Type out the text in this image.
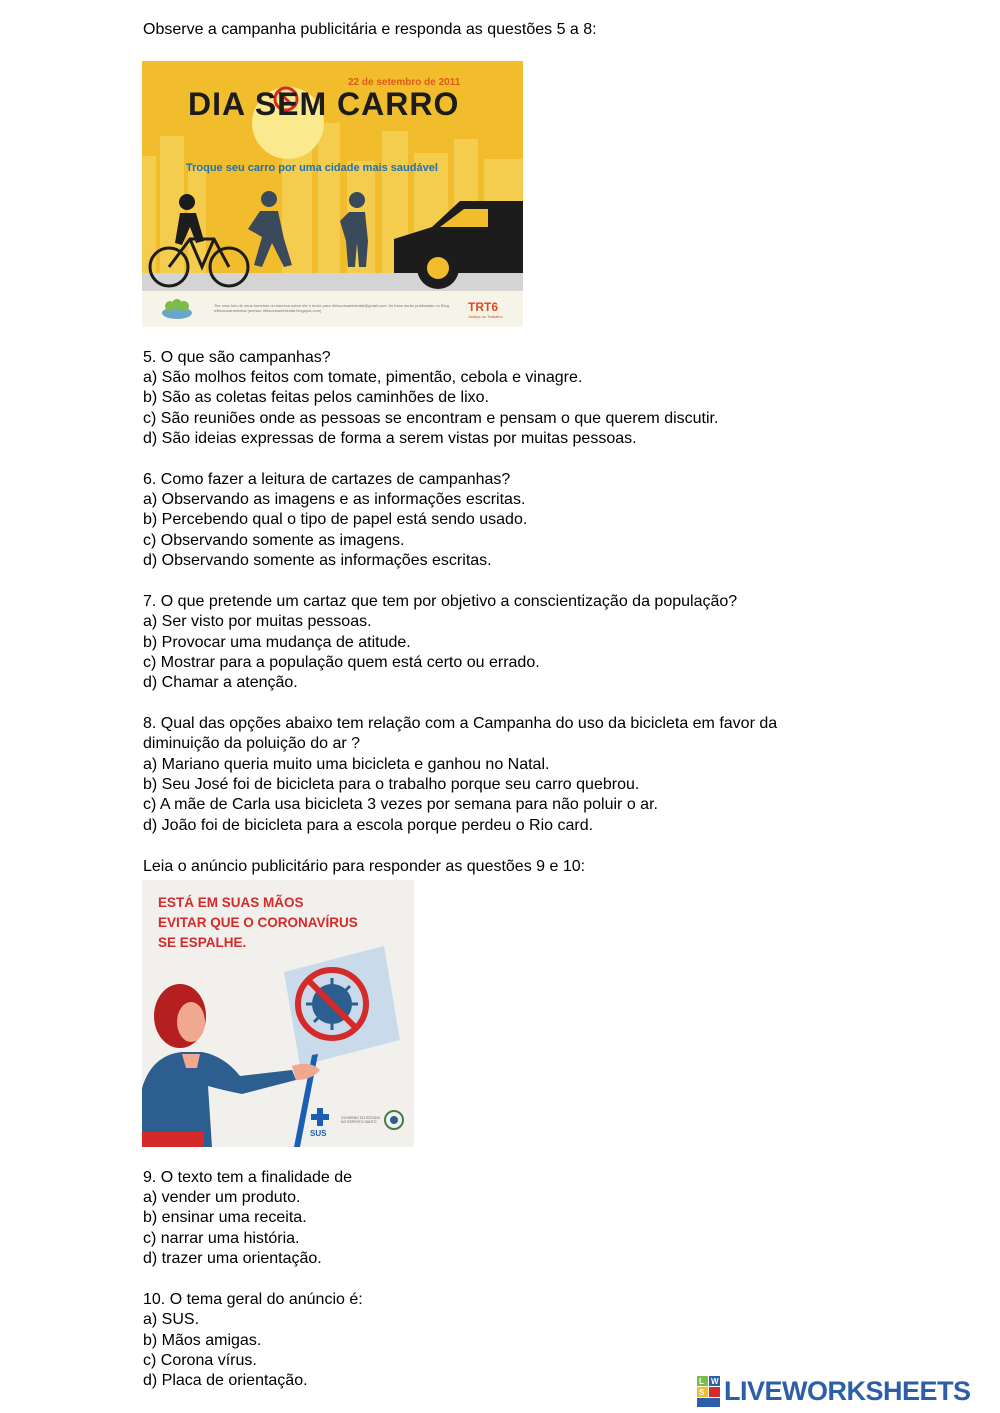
Observe a campanha publicitária e responda as questões 5 a 8:
22 de setembro de 2011
DIA SEM CARRO
Troque seu carro por uma cidade mais saudável
Tire uma foto de seus torneiras ou escreva sobre ele e envie para trt6socioambiental@gmail.com. As fotos serão publicadas no Blog trt6socioambiental (acesse trt6socioambiental.blogspot.com)	TRT6
Justiça do Trabalho
5. O que são campanhas?
a) São molhos feitos com tomate, pimentão, cebola e vinagre.
b) São as coletas feitas pelos caminhões de lixo.
c) São reuniões onde as pessoas se encontram e pensam o que querem discutir.
d) São ideias expressas de forma a serem vistas por muitas pessoas.
6. Como fazer a leitura de cartazes de campanhas?
a) Observando as imagens e as informações escritas.
b) Percebendo qual o tipo de papel está sendo usado.
c) Observando somente as imagens.
d) Observando somente as informações escritas.
7. O que pretende um cartaz que tem por objetivo a conscientização da população?
a) Ser visto por muitas pessoas.
b) Provocar uma mudança de atitude.
c) Mostrar para a população quem está certo ou errado.
d) Chamar a atenção.
8. Qual das opções abaixo tem relação com a Campanha do uso da bicicleta em favor da
diminuição da poluição do ar ?
a) Mariano queria muito uma bicicleta e ganhou no Natal.
b) Seu José foi de bicicleta para o trabalho porque seu carro quebrou.
c) A mãe de Carla usa bicicleta 3 vezes por semana para não poluir o ar.
d) João foi de bicicleta para a escola porque perdeu o Rio card.
Leia o anúncio publicitário para responder as questões 9 e 10:
ESTÁ EM SUAS MÃOS
EVITAR QUE O CORONAVÍRUS
SE ESPALHE.
SUS
GOVERNO DO ESTADO DO ESPÍRITO SANTO
9. O texto tem a finalidade de
a) vender um produto.
b) ensinar uma receita.
c) narrar uma história.
d) trazer uma orientação.
10. O tema geral do anúncio é:
a) SUS.
b) Mãos amigas.
c) Corona vírus.
d) Placa de orientação.	L W
S LIVEWORKSHEETS
